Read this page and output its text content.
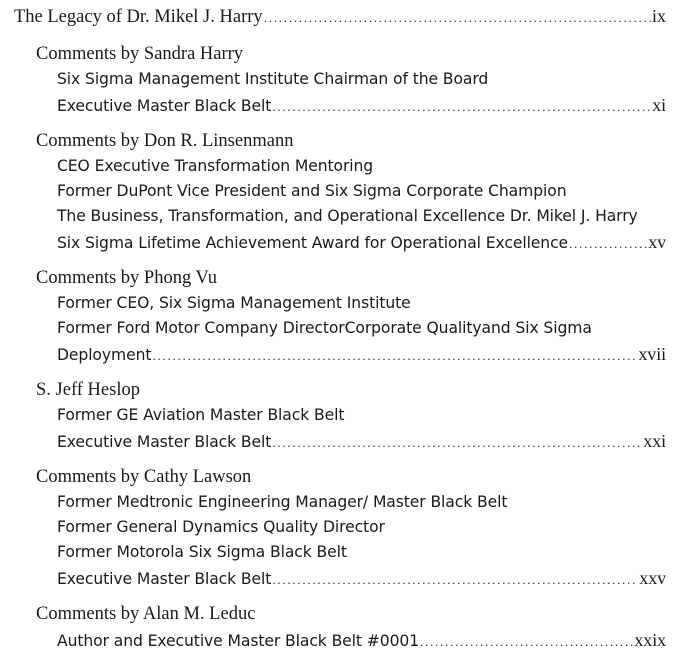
The Legacy of Dr. Mikel J. Harry .....	ix
Comments by Sandra Harry
Six Sigma Management Institute Chairman of the Board
Executive Master Black Belt .....	xi
Comments by Don R. Linsenmann
CEO Executive Transformation Mentoring
Former DuPont Vice President and Six Sigma Corporate Champion
The Business, Transformation, and Operational Excellence Dr. Mikel J. Harry
Six Sigma Lifetime Achievement Award for Operational Excellence .....	xv
Comments by Phong Vu
Former CEO, Six Sigma Management Institute
Former Ford Motor Company DirectorCorporate Qualityand Six Sigma
Deployment .....	xvii
S. Jeff Heslop
Former GE Aviation Master Black Belt
Executive Master Black Belt .....	xxi
Comments by Cathy Lawson
Former Medtronic Engineering Manager/ Master Black Belt
Former General Dynamics Quality Director
Former Motorola Six Sigma Black Belt
Executive Master Black Belt .....	xxv
Comments by Alan M. Leduc
Author and Executive Master Black Belt #0001 .....	xxix
